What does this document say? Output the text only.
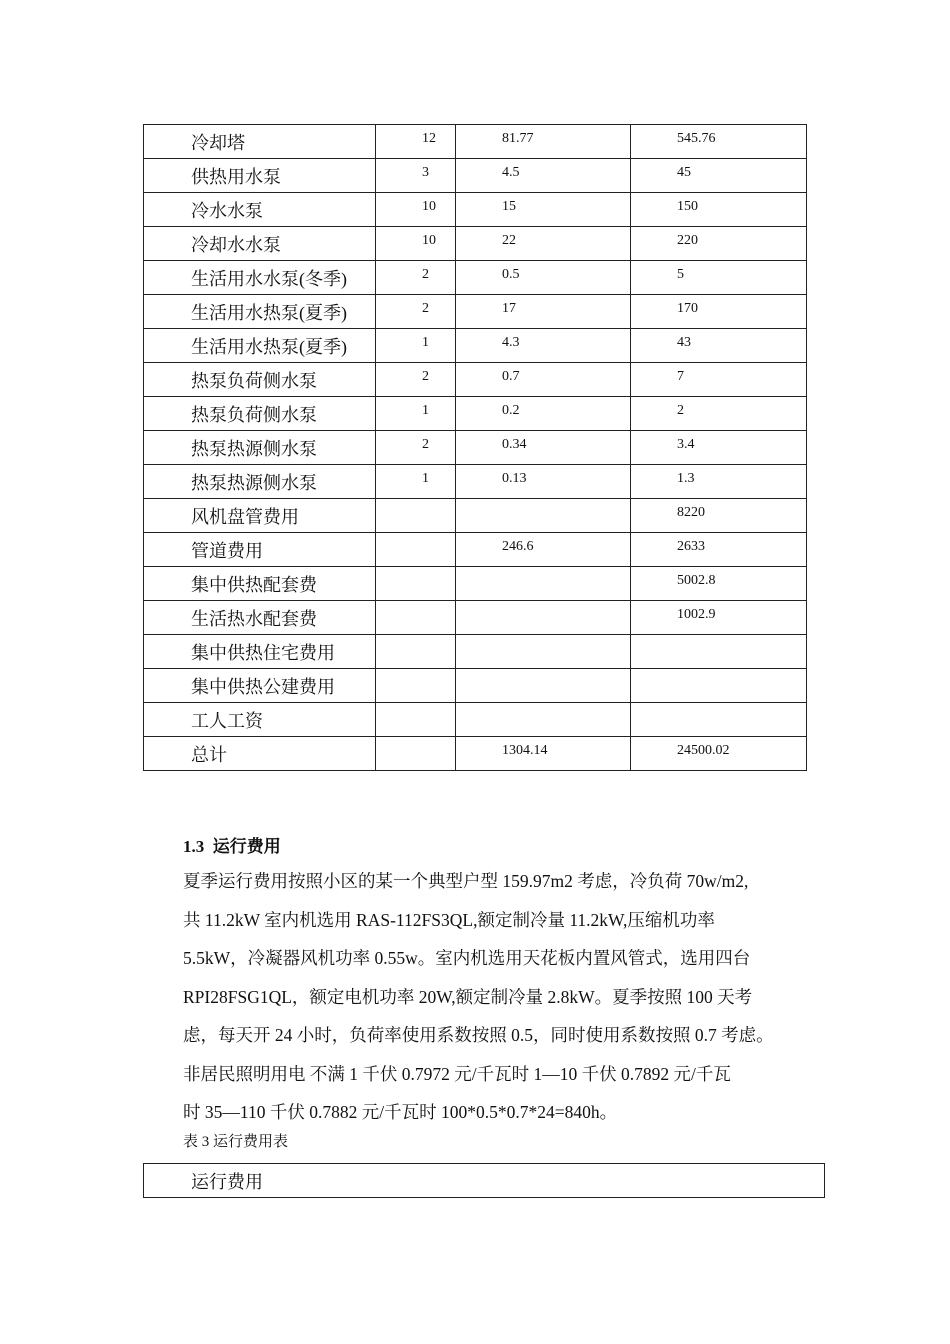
冷却塔	12	81.77	545.76
供热用水泵	3	4.5	45
冷水水泵	10	15	150
冷却水水泵	10	22	220
生活用水水泵(冬季)	2	0.5	5
生活用水热泵(夏季)	2	17	170
生活用水热泵(夏季)	1	4.3	43
热泵负荷侧水泵	2	0.7	7
热泵负荷侧水泵	1	0.2	2
热泵热源侧水泵	2	0.34	3.4
热泵热源侧水泵	1	0.13	1.3
风机盘管费用			8220
管道费用		246.6	2633
集中供热配套费			5002.8
生活热水配套费			1002.9
集中供热住宅费用			
集中供热公建费用			
工人工资			
总计		1304.14	24500.02
1.3 运行费用
夏季运行费用按照小区的某一个典型户型 159.97m2 考虑，冷负荷 70w/m2,
共 11.2kW 室内机选用 RAS-112FS3QL,额定制冷量 11.2kW,压缩机功率
5.5kW，冷凝器风机功率 0.55w。室内机选用天花板内置风管式，选用四台
RPI28FSG1QL，额定电机功率 20W,额定制冷量 2.8kW。夏季按照 100 天考
虑，每天开 24 小时，负荷率使用系数按照 0.5，同时使用系数按照 0.7 考虑。
非居民照明用电 不满 1 千伏 0.7972 元/千瓦时 1—10 千伏 0.7892 元/千瓦
时 35—110 千伏 0.7882 元/千瓦时 100*0.5*0.7*24=840h。
表 3 运行费用表
运行费用
